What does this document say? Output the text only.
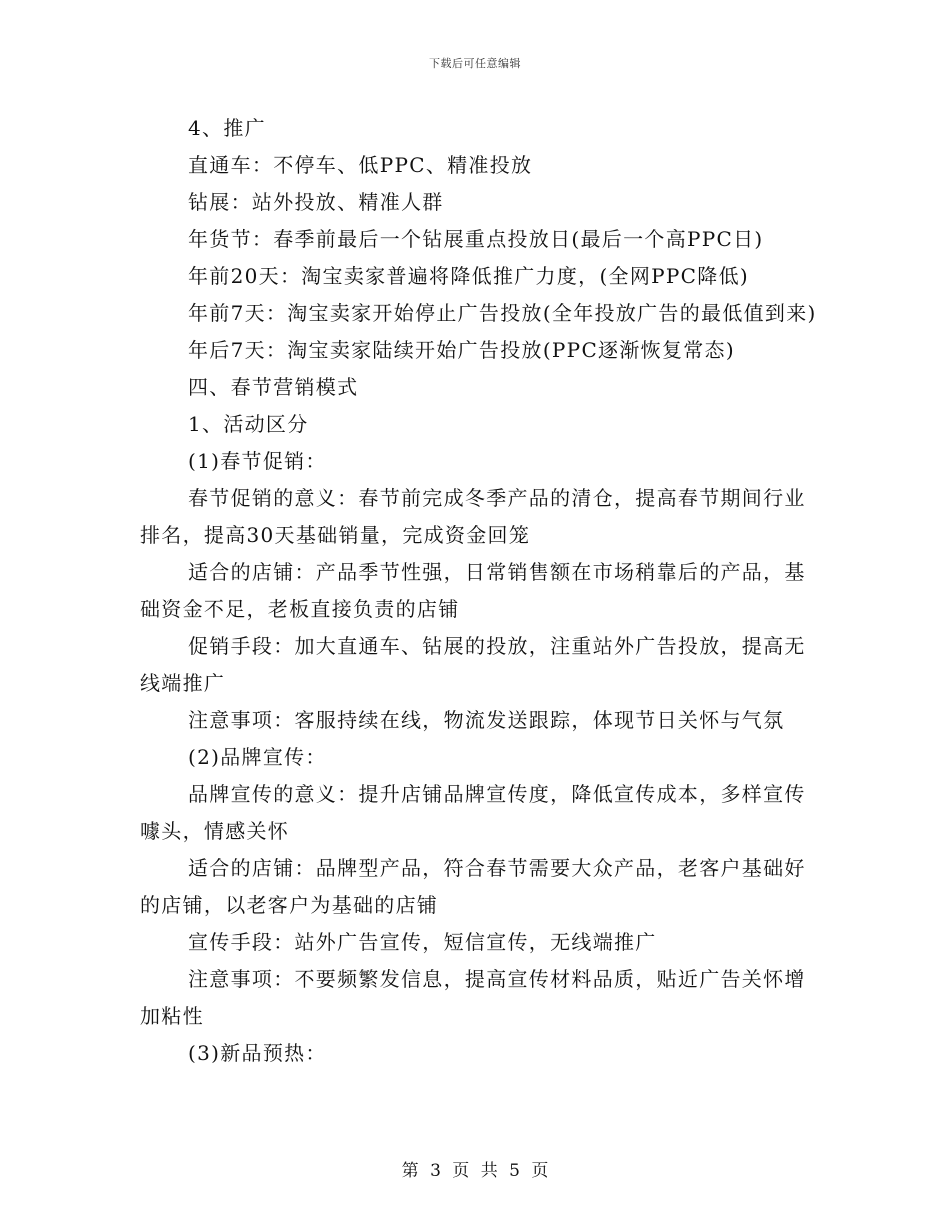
下载后可任意编辑

4、推广

直通车：不停车、低PPC、精准投放

钻展：站外投放、精准人群

年货节：春季前最后一个钻展重点投放日(最后一个高PPC日)

年前20天：淘宝卖家普遍将降低推广力度，(全网PPC降低)

年前7天：淘宝卖家开始停止广告投放(全年投放广告的最低值到来)

年后7天：淘宝卖家陆续开始广告投放(PPC逐渐恢复常态)

四、春节营销模式

1、活动区分

(1)春节促销：

春节促销的意义：春节前完成冬季产品的清仓，提高春节期间行业排名，提高30天基础销量，完成资金回笼

适合的店铺：产品季节性强，日常销售额在市场稍靠后的产品，基础资金不足，老板直接负责的店铺

促销手段：加大直通车、钻展的投放，注重站外广告投放，提高无线端推广

注意事项：客服持续在线，物流发送跟踪，体现节日关怀与气氛

(2)品牌宣传：

品牌宣传的意义：提升店铺品牌宣传度，降低宣传成本，多样宣传噱头，情感关怀

适合的店铺：品牌型产品，符合春节需要大众产品，老客户基础好的店铺，以老客户为基础的店铺

宣传手段：站外广告宣传，短信宣传，无线端推广

注意事项：不要频繁发信息，提高宣传材料品质，贴近广告关怀增加粘性

(3)新品预热：

第 3 页 共 5 页
